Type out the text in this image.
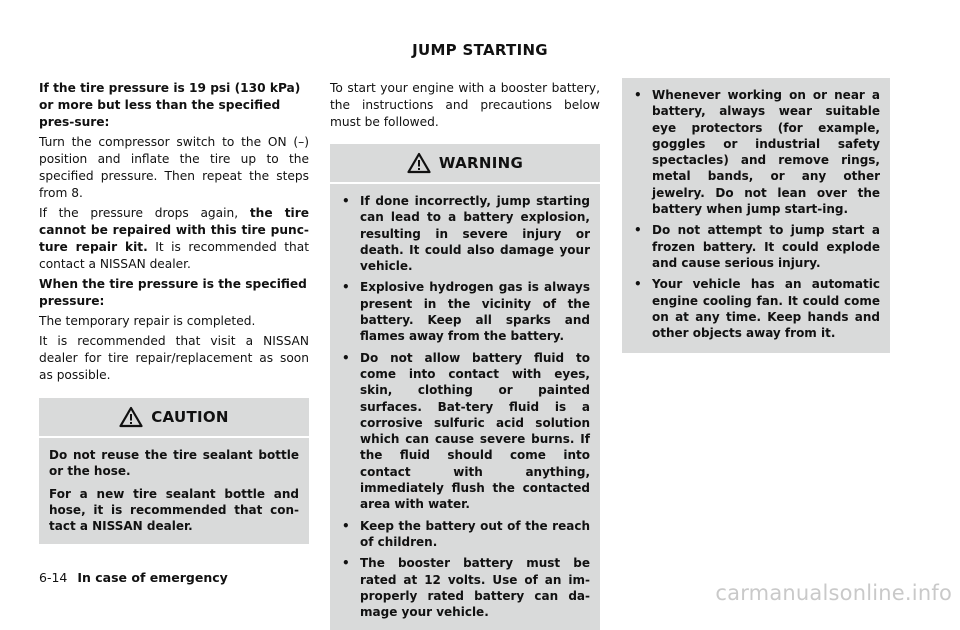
JUMP STARTING

If the tire pressure is 19 psi (130 kPa) or more but less than the specified pres-sure:

Turn the compressor switch to the ON (–) position and inflate the tire up to the specified pressure. Then repeat the steps from 8.

If the pressure drops again, the tire cannot be repaired with this tire punc-ture repair kit. It is recommended that contact a NISSAN dealer.

When the tire pressure is the specified pressure:

The temporary repair is completed.

It is recommended that visit a NISSAN dealer for tire repair/replacement as soon as possible.

CAUTION

Do not reuse the tire sealant bottle or the hose.

For a new tire sealant bottle and hose, it is recommended that con-tact a NISSAN dealer.

To start your engine with a booster battery, the instructions and precautions below must be followed.

WARNING
• If done incorrectly, jump starting can lead to a battery explosion, resulting in severe injury or death. It could also damage your vehicle.
• Explosive hydrogen gas is always present in the vicinity of the battery. Keep all sparks and flames away from the battery.
• Do not allow battery fluid to come into contact with eyes, skin, clothing or painted surfaces. Bat-tery fluid is a corrosive sulfuric acid solution which can cause severe burns. If the fluid should come into contact with anything, immediately flush the contacted area with water.
• Keep the battery out of the reach of children.
• The booster battery must be rated at 12 volts. Use of an im-properly rated battery can da-mage your vehicle.
• Whenever working on or near a battery, always wear suitable eye protectors (for example, goggles or industrial safety spectacles) and remove rings, metal bands, or any other jewelry. Do not lean over the battery when jump start-ing.
• Do not attempt to jump start a frozen battery. It could explode and cause serious injury.
• Your vehicle has an automatic engine cooling fan. It could come on at any time. Keep hands and other objects away from it.
6-14 In case of emergency
carmanualsonline.info
